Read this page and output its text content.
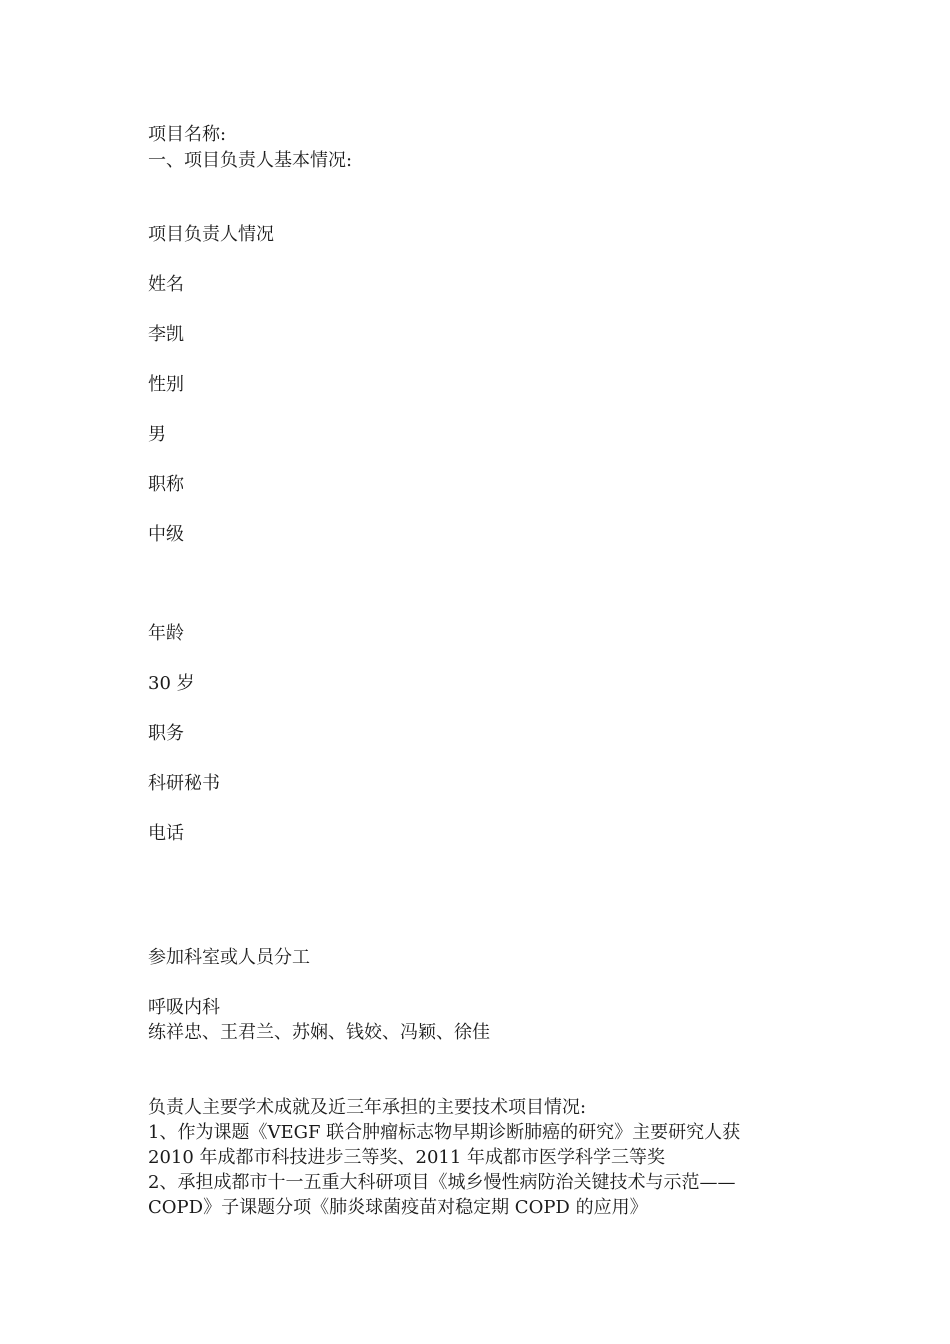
项目名称:
一、项目负责人基本情况:
项目负责人情况
姓名
李凯
性别
男
职称
中级
年龄
30 岁
职务
科研秘书
电话
参加科室或人员分工
呼吸内科
练祥忠、王君兰、苏娴、钱姣、冯颖、徐佳
负责人主要学术成就及近三年承担的主要技术项目情况:
1、作为课题《VEGF 联合肿瘤标志物早期诊断肺癌的研究》主要研究人获
2010 年成都市科技进步三等奖、2011 年成都市医学科学三等奖
2、承担成都市十一五重大科研项目《城乡慢性病防治关键技术与示范——
COPD》子课题分项《肺炎球菌疫苗对稳定期 COPD 的应用》
